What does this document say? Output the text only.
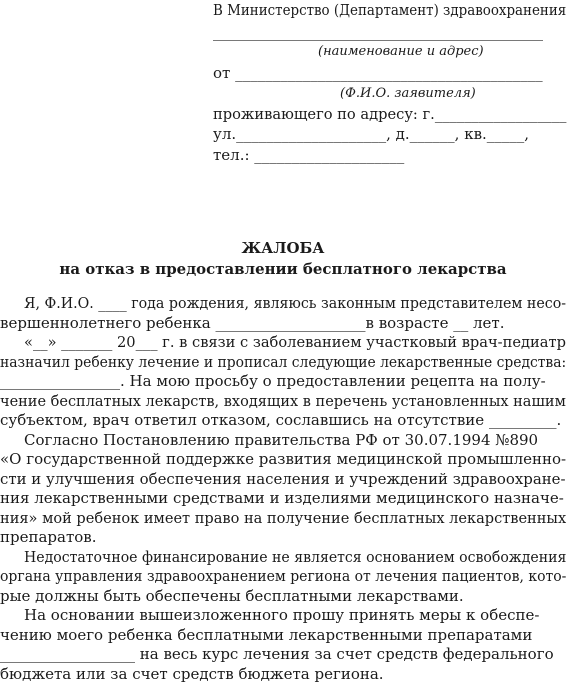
В Министерство (Департамент) здравоохранения
____________________________________________
(наименование и адрес)
от _________________________________________
(Ф.И.О. заявителя)
проживающего по адресу: г.__________________
ул.____________________, д.______, кв._____,
тел.: ____________________
ЖАЛОБА
на отказ в предоставлении бесплатного лекарства
Я, Ф.И.О. ____ года рождения, являюсь законным представителем несо-
вершеннолетнего ребенка ____________________в возрасте __ лет.
«__» _______ 20___ г. в связи с заболеванием участковый врач-педиатр
назначил ребенку лечение и прописал следующие лекарственные средства:
________________. На мою просьбу о предоставлении рецепта на полу-
чение бесплатных лекарств, входящих в перечень установленных нашим
субъектом, врач ответил отказом, сославшись на отсутствие _________.
Согласно Постановлению правительства РФ от 30.07.1994 №890
«О государственной поддержке развития медицинской промышленно-
сти и улучшения обеспечения населения и учреждений здравоохране-
ния лекарственными средствами и изделиями медицинского назначе-
ния» мой ребенок имеет право на получение бесплатных лекарственных
препаратов.
Недостаточное финансирование не является основанием освобождения
органа управления здравоохранением региона от лечения пациентов, кото-
рые должны быть обеспечены бесплатными лекарствами.
На основании вышеизложенного прошу принять меры к обеспе-
чению моего ребенка бесплатными лекарственными препаратами
__________________ на весь курс лечения за счет средств федерального
бюджета или за счет средств бюджета региона.
